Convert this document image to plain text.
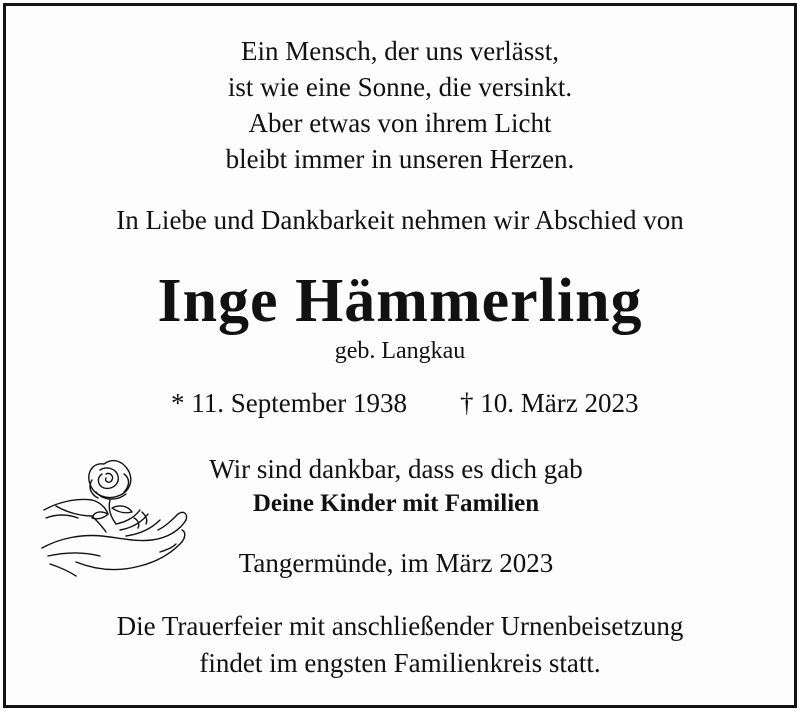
Ein Mensch, der uns verlässt,
ist wie eine Sonne, die versinkt.
Aber etwas von ihrem Licht
bleibt immer in unseren Herzen.
In Liebe und Dankbarkeit nehmen wir Abschied von
Inge Hämmerling
geb. Langkau
* 11. September 1938 † 10. März 2023
Wir sind dankbar, dass es dich gab
Deine Kinder mit Familien
Tangermünde, im März 2023
Die Trauerfeier mit anschließender Urnenbeisetzung
findet im engsten Familienkreis statt.
